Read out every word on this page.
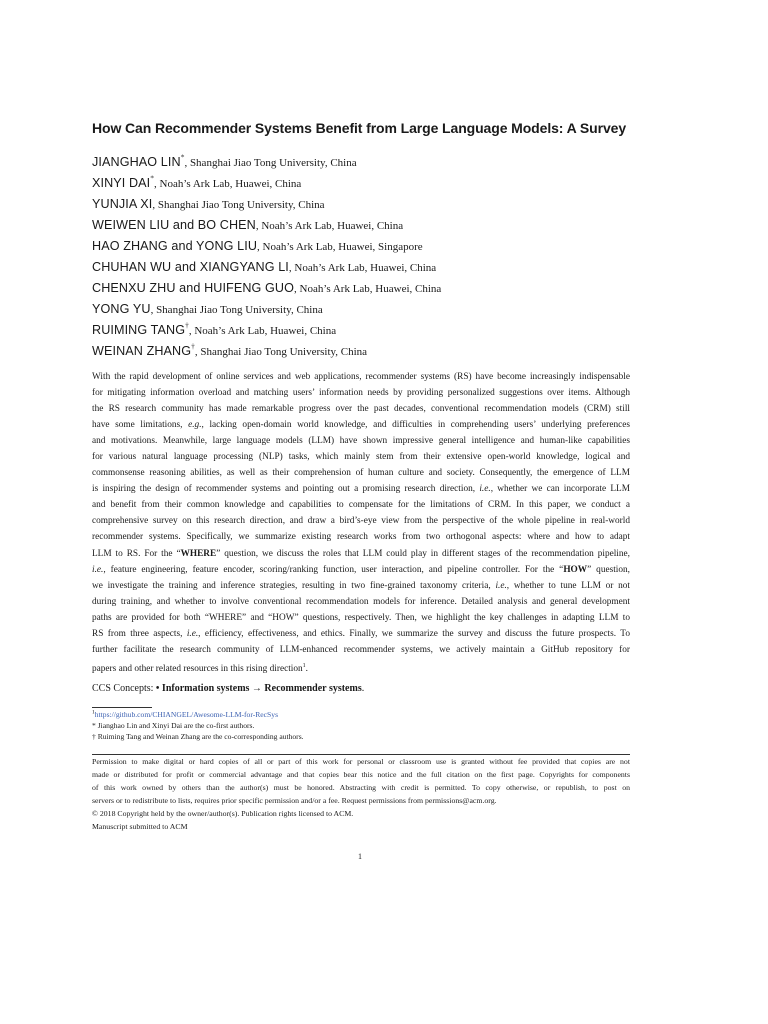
How Can Recommender Systems Benefit from Large Language Models: A Survey
JIANGHAO LIN*, Shanghai Jiao Tong University, China
XINYI DAI*, Noah’s Ark Lab, Huawei, China
YUNJIA XI, Shanghai Jiao Tong University, China
WEIWEN LIU and BO CHEN, Noah’s Ark Lab, Huawei, China
HAO ZHANG and YONG LIU, Noah’s Ark Lab, Huawei, Singapore
CHUHAN WU and XIANGYANG LI, Noah’s Ark Lab, Huawei, China
CHENXU ZHU and HUIFENG GUO, Noah’s Ark Lab, Huawei, China
YONG YU, Shanghai Jiao Tong University, China
RUIMING TANG†, Noah’s Ark Lab, Huawei, China
WEINAN ZHANG†, Shanghai Jiao Tong University, China
With the rapid development of online services and web applications, recommender systems (RS) have become increasingly indispensable
for mitigating information overload and matching users’ information needs by providing personalized suggestions over items. Although
the RS research community has made remarkable progress over the past decades, conventional recommendation models (CRM) still
have some limitations, e.g., lacking open-domain world knowledge, and difficulties in comprehending users’ underlying preferences
and motivations. Meanwhile, large language models (LLM) have shown impressive general intelligence and human-like capabilities
for various natural language processing (NLP) tasks, which mainly stem from their extensive open-world knowledge, logical and
commonsense reasoning abilities, as well as their comprehension of human culture and society. Consequently, the emergence of LLM
is inspiring the design of recommender systems and pointing out a promising research direction, i.e., whether we can incorporate LLM
and benefit from their common knowledge and capabilities to compensate for the limitations of CRM. In this paper, we conduct a
comprehensive survey on this research direction, and draw a bird’s-eye view from the perspective of the whole pipeline in real-world
recommender systems. Specifically, we summarize existing research works from two orthogonal aspects: where and how to adapt
LLM to RS. For the “WHERE” question, we discuss the roles that LLM could play in different stages of the recommendation pipeline,
i.e., feature engineering, feature encoder, scoring/ranking function, user interaction, and pipeline controller. For the “HOW” question,
we investigate the training and inference strategies, resulting in two fine-grained taxonomy criteria, i.e., whether to tune LLM or not
during training, and whether to involve conventional recommendation models for inference. Detailed analysis and general development
paths are provided for both “WHERE” and “HOW” questions, respectively. Then, we highlight the key challenges in adapting LLM to
RS from three aspects, i.e., efficiency, effectiveness, and ethics. Finally, we summarize the survey and discuss the future prospects. To
further facilitate the research community of LLM-enhanced recommender systems, we actively maintain a GitHub repository for
papers and other related resources in this rising direction$^1$.
CCS Concepts: • Information systems → Recommender systems.
$^1$https://github.com/CHIANGEL/Awesome-LLM-for-RecSys
* Jianghao Lin and Xinyi Dai are the co-first authors.
† Ruiming Tang and Weinan Zhang are the co-corresponding authors.
Permission to make digital or hard copies of all or part of this work for personal or classroom use is granted without fee provided that copies are not
made or distributed for profit or commercial advantage and that copies bear this notice and the full citation on the first page. Copyrights for components
of this work owned by others than the author(s) must be honored. Abstracting with credit is permitted. To copy otherwise, or republish, to post on
servers or to redistribute to lists, requires prior specific permission and/or a fee. Request permissions from permissions@acm.org.
© 2018 Copyright held by the owner/author(s). Publication rights licensed to ACM.
Manuscript submitted to ACM
1
